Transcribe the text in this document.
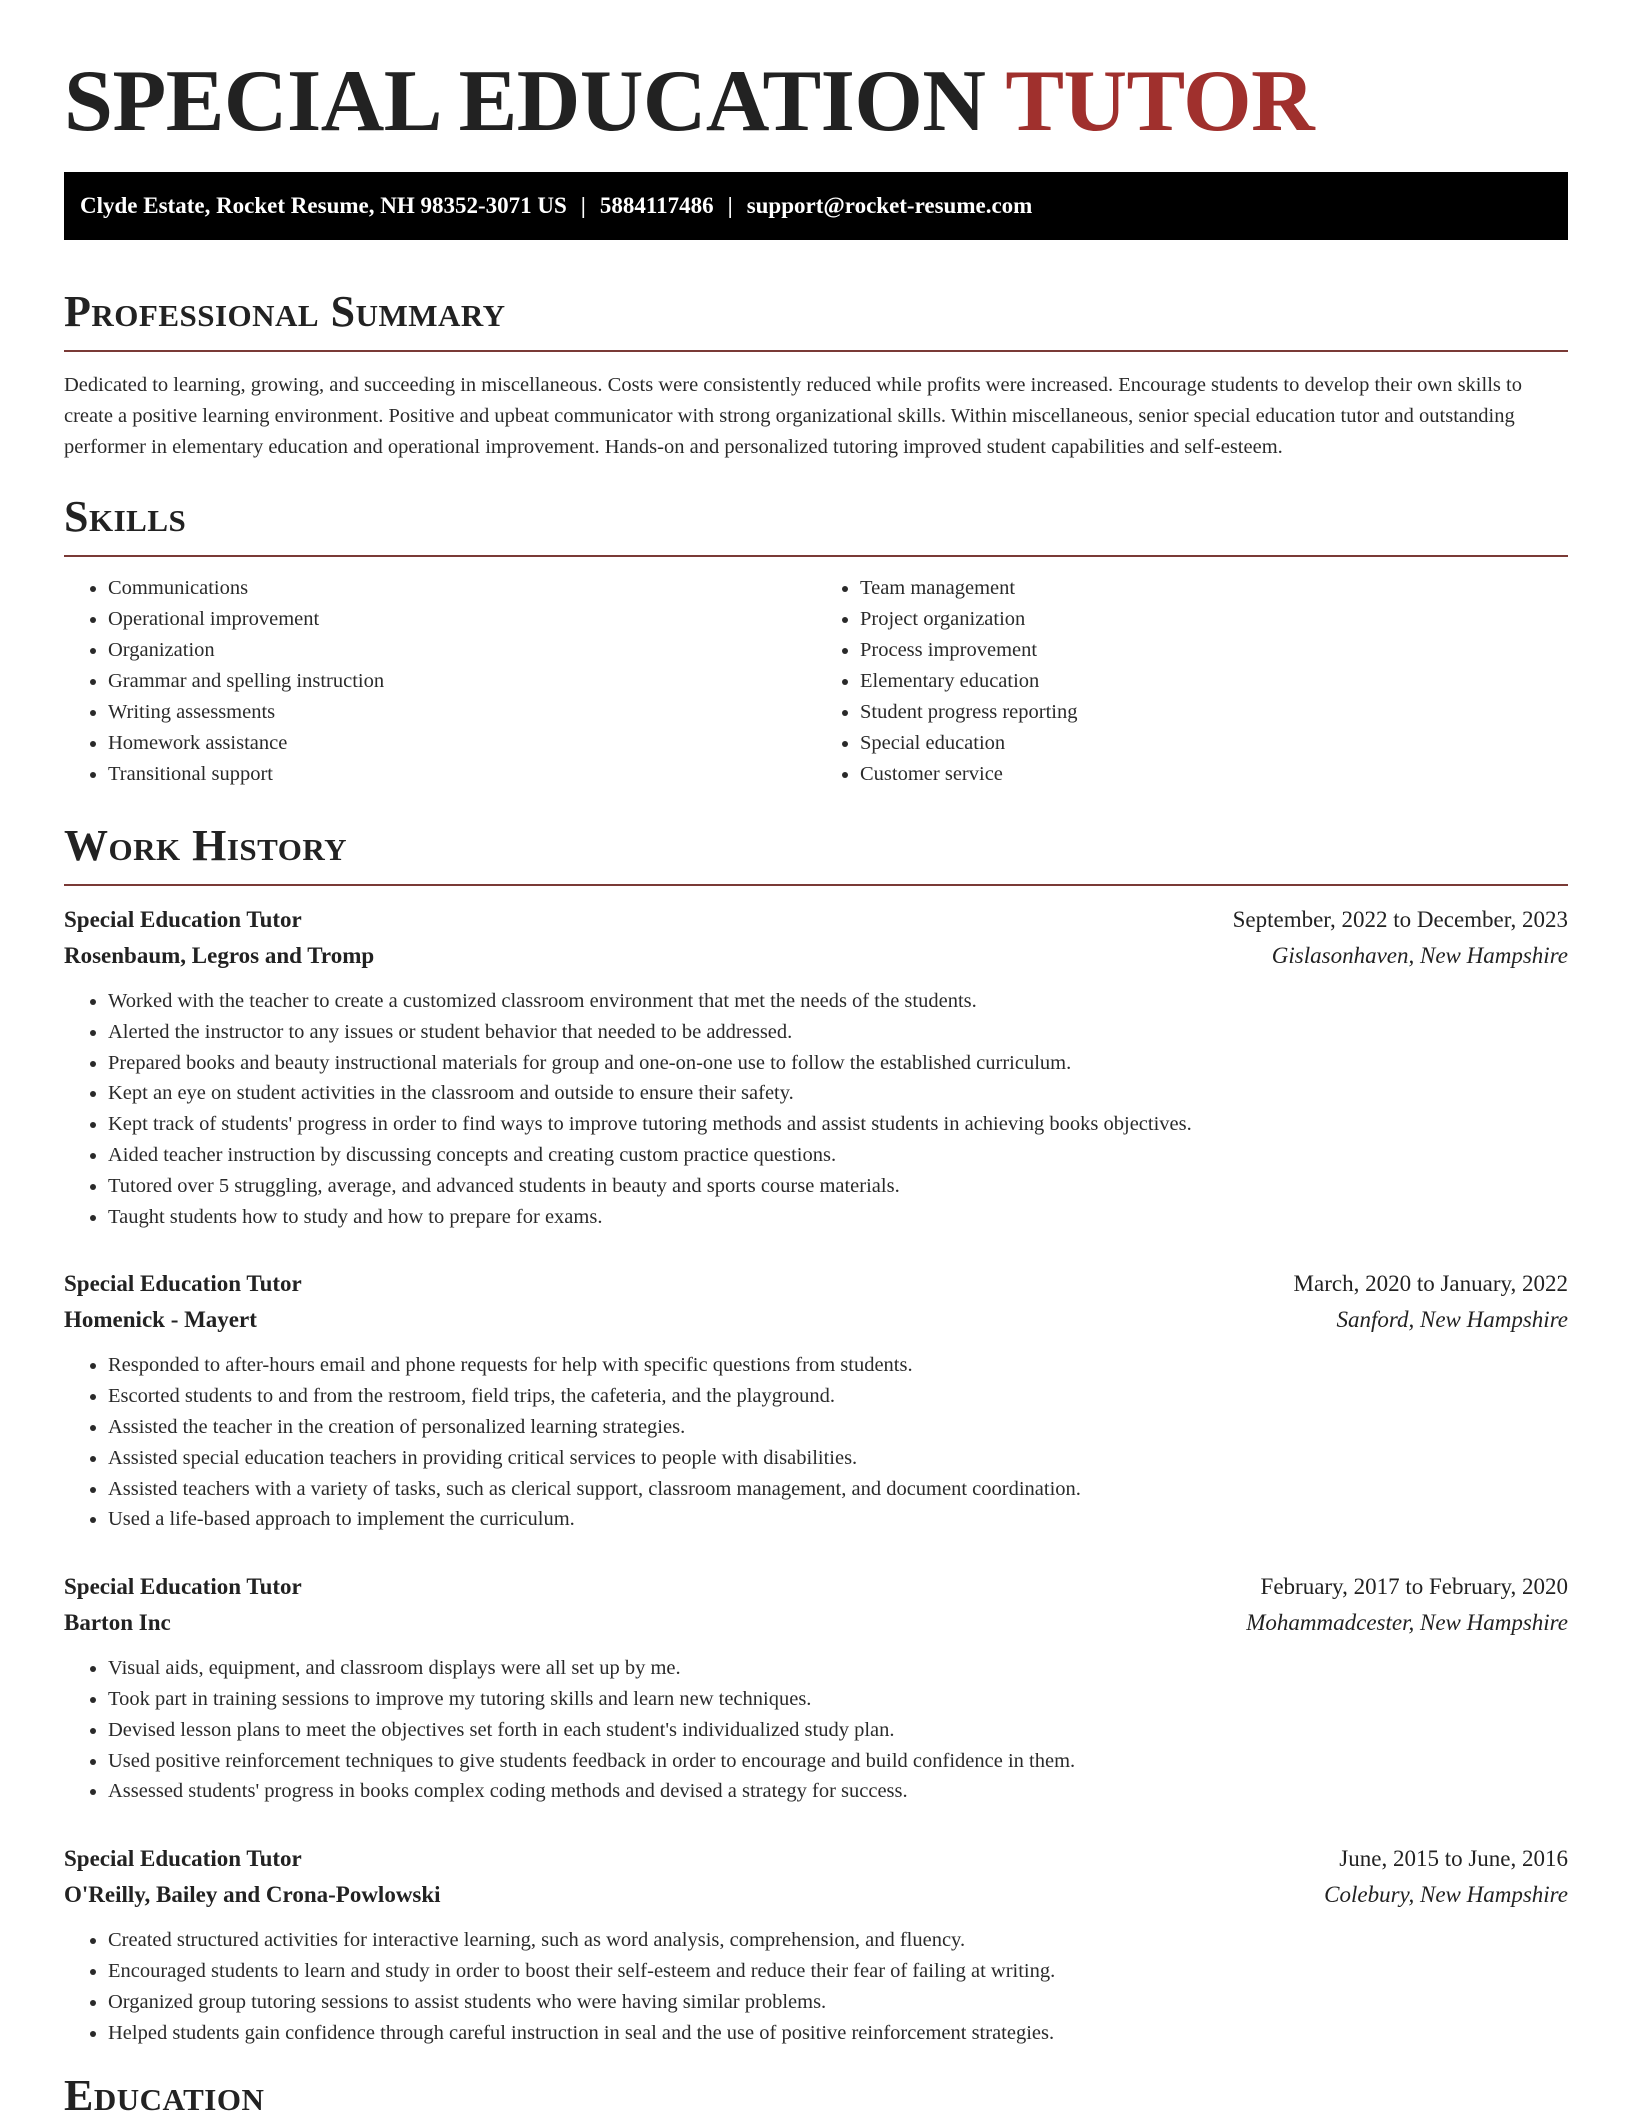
SPECIAL EDUCATION TUTOR
Clyde Estate, Rocket Resume, NH 98352-3071 US | 5884117486 | support@rocket-resume.com
Professional Summary

Dedicated to learning, growing, and succeeding in miscellaneous. Costs were consistently reduced while profits were increased. Encourage students to develop their own skills to create a positive learning environment. Positive and upbeat communicator with strong organizational skills. Within miscellaneous, senior special education tutor and outstanding performer in elementary education and operational improvement. Hands-on and personalized tutoring improved student capabilities and self-esteem.

Skills
• Communications
• Operational improvement
• Organization
• Grammar and spelling instruction
• Writing assessments
• Homework assistance
• Transitional support
• Team management
• Project organization
• Process improvement
• Elementary education
• Student progress reporting
• Special education
• Customer service
Work History
Special Education Tutor	September, 2022 to December, 2023
Rosenbaum, Legros and Tromp	Gislasonhaven, New Hampshire
• Worked with the teacher to create a customized classroom environment that met the needs of the students.
• Alerted the instructor to any issues or student behavior that needed to be addressed.
• Prepared books and beauty instructional materials for group and one-on-one use to follow the established curriculum.
• Kept an eye on student activities in the classroom and outside to ensure their safety.
• Kept track of students' progress in order to find ways to improve tutoring methods and assist students in achieving books objectives.
• Aided teacher instruction by discussing concepts and creating custom practice questions.
• Tutored over 5 struggling, average, and advanced students in beauty and sports course materials.
• Taught students how to study and how to prepare for exams.
Special Education Tutor	March, 2020 to January, 2022
Homenick - Mayert	Sanford, New Hampshire
• Responded to after-hours email and phone requests for help with specific questions from students.
• Escorted students to and from the restroom, field trips, the cafeteria, and the playground.
• Assisted the teacher in the creation of personalized learning strategies.
• Assisted special education teachers in providing critical services to people with disabilities.
• Assisted teachers with a variety of tasks, such as clerical support, classroom management, and document coordination.
• Used a life-based approach to implement the curriculum.
Special Education Tutor	February, 2017 to February, 2020
Barton Inc	Mohammadcester, New Hampshire
• Visual aids, equipment, and classroom displays were all set up by me.
• Took part in training sessions to improve my tutoring skills and learn new techniques.
• Devised lesson plans to meet the objectives set forth in each student's individualized study plan.
• Used positive reinforcement techniques to give students feedback in order to encourage and build confidence in them.
• Assessed students' progress in books complex coding methods and devised a strategy for success.
Special Education Tutor	June, 2015 to June, 2016
O'Reilly, Bailey and Crona-Powlowski	Colebury, New Hampshire
• Created structured activities for interactive learning, such as word analysis, comprehension, and fluency.
• Encouraged students to learn and study in order to boost their self-esteem and reduce their fear of failing at writing.
• Organized group tutoring sessions to assist students who were having similar problems.
• Helped students gain confidence through careful instruction in seal and the use of positive reinforcement strategies.
Education
